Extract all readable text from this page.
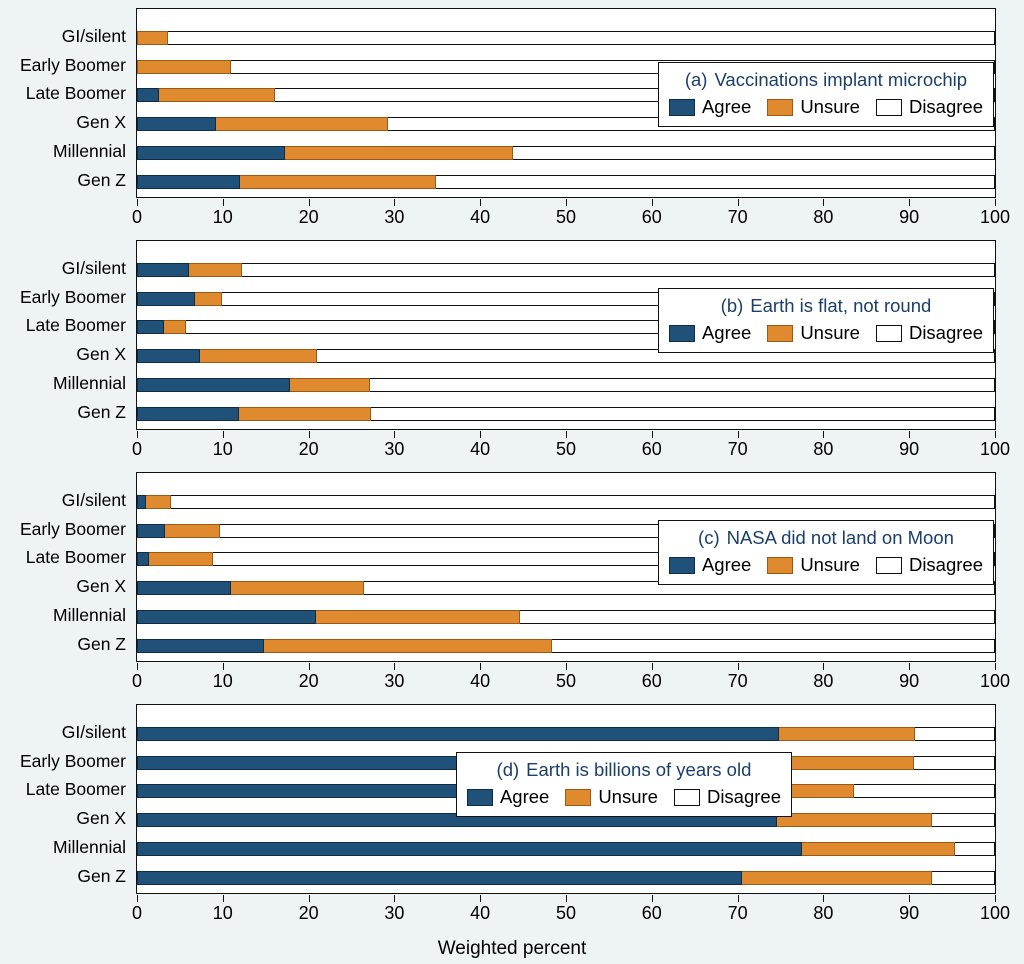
GI/silent
Early Boomer
Late Boomer
Gen X
Millennial
Gen Z
0	10	20	30	40	50	60	70	80	90	100
(a) Vaccinations implant microchip
Agree	Unsure	Disagree
GI/silent
Early Boomer
Late Boomer
Gen X
Millennial
Gen Z
0	10	20	30	40	50	60	70	80	90	100
(b) Earth is flat, not round
Agree	Unsure	Disagree
GI/silent
Early Boomer
Late Boomer
Gen X
Millennial
Gen Z
0	10	20	30	40	50	60	70	80	90	100
(c) NASA did not land on Moon
Agree	Unsure	Disagree
GI/silent
Early Boomer
Late Boomer
Gen X
Millennial
Gen Z
0	10	20	30	40	50	60	70	80	90	100
(d) Earth is billions of years old
Agree	Unsure	Disagree
Weighted percent
